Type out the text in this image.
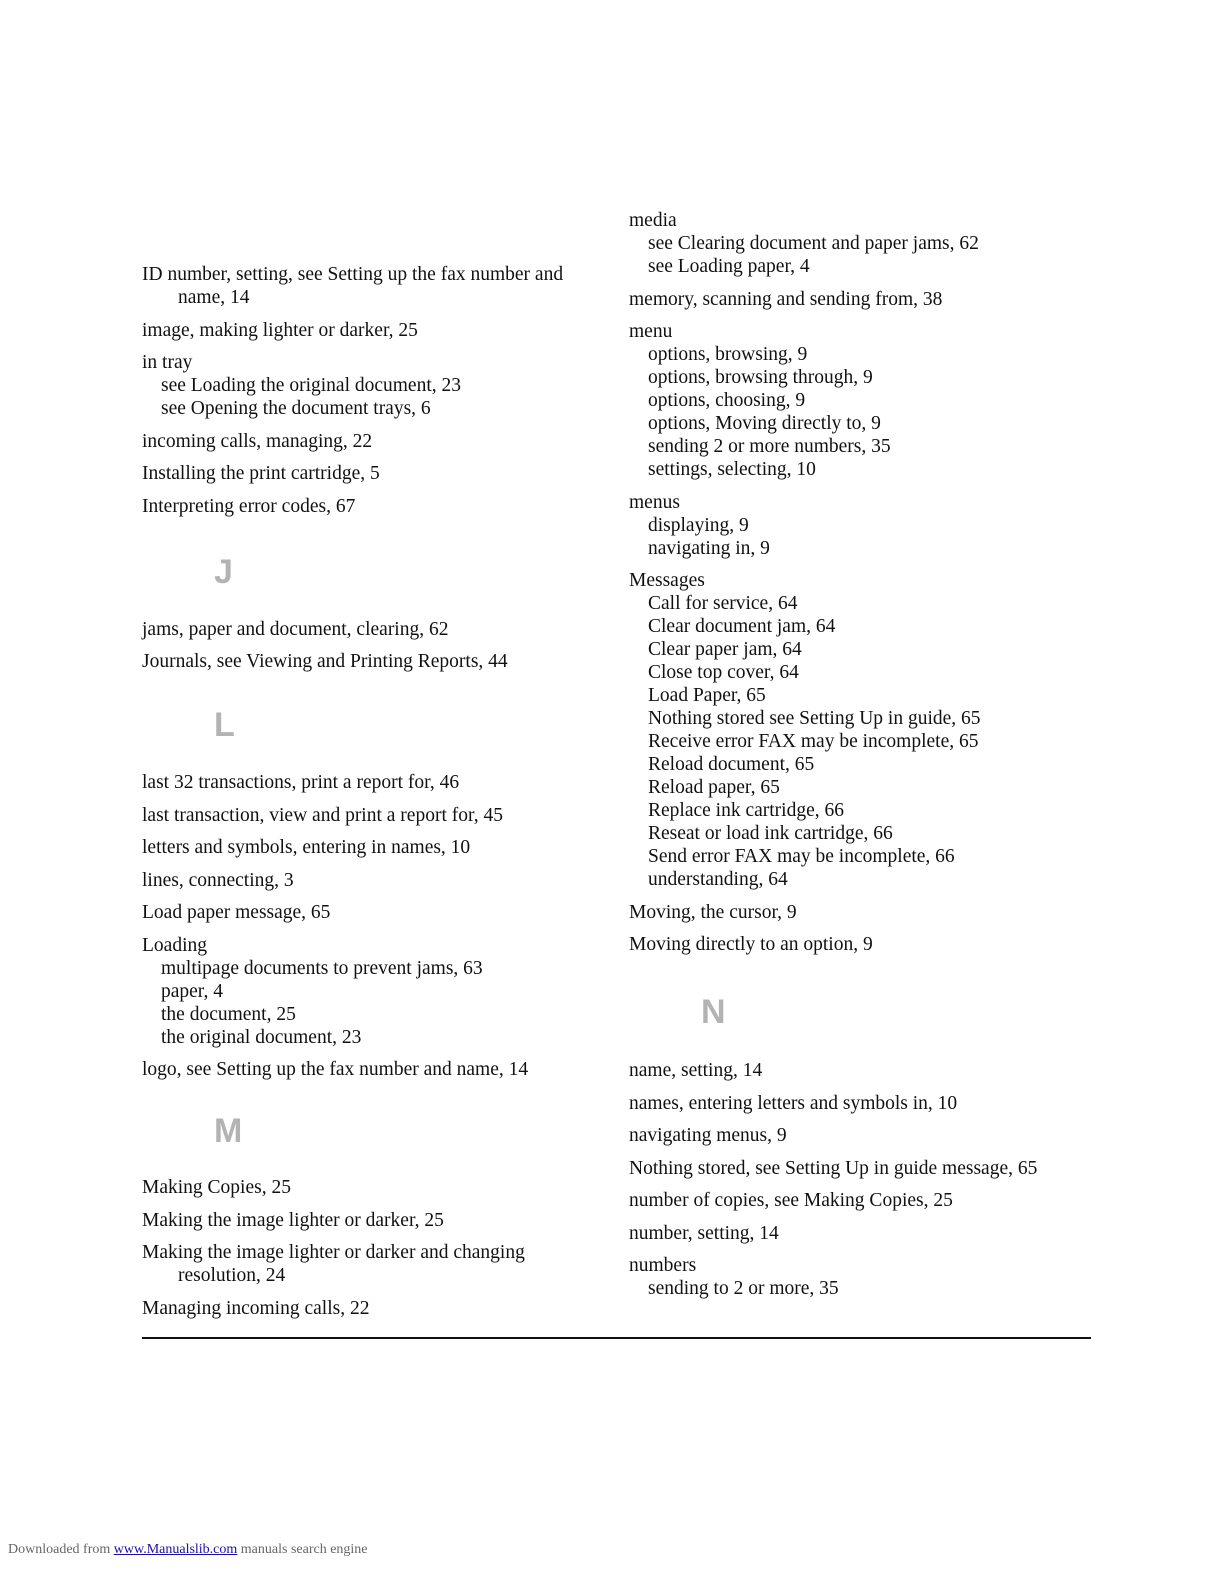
ID number, setting, see Setting up the fax number and name, 14
image, making lighter or darker, 25
in tray
see Loading the original document, 23
see Opening the document trays, 6
incoming calls, managing, 22
Installing the print cartridge, 5
Interpreting error codes, 67
J
jams, paper and document, clearing, 62
Journals, see Viewing and Printing Reports, 44
L
last 32 transactions, print a report for, 46
last transaction, view and print a report for, 45
letters and symbols, entering in names, 10
lines, connecting, 3
Load paper message, 65
Loading
multipage documents to prevent jams, 63
paper, 4
the document, 25
the original document, 23
logo, see Setting up the fax number and name, 14
M
Making Copies, 25
Making the image lighter or darker, 25
Making the image lighter or darker and changing resolution, 24
Managing incoming calls, 22
media
see Clearing document and paper jams, 62
see Loading paper, 4
memory, scanning and sending from, 38
menu
options, browsing, 9
options, browsing through, 9
options, choosing, 9
options, Moving directly to, 9
sending 2 or more numbers, 35
settings, selecting, 10
menus
displaying, 9
navigating in, 9
Messages
Call for service, 64
Clear document jam, 64
Clear paper jam, 64
Close top cover, 64
Load Paper, 65
Nothing stored see Setting Up in guide, 65
Receive error FAX may be incomplete, 65
Reload document, 65
Reload paper, 65
Replace ink cartridge, 66
Reseat or load ink cartridge, 66
Send error FAX may be incomplete, 66
understanding, 64
Moving, the cursor, 9
Moving directly to an option, 9
N
name, setting, 14
names, entering letters and symbols in, 10
navigating menus, 9
Nothing stored, see Setting Up in guide message, 65
number of copies, see Making Copies, 25
number, setting, 14
numbers
sending to 2 or more, 35
Downloaded from www.Manualslib.com manuals search engine
